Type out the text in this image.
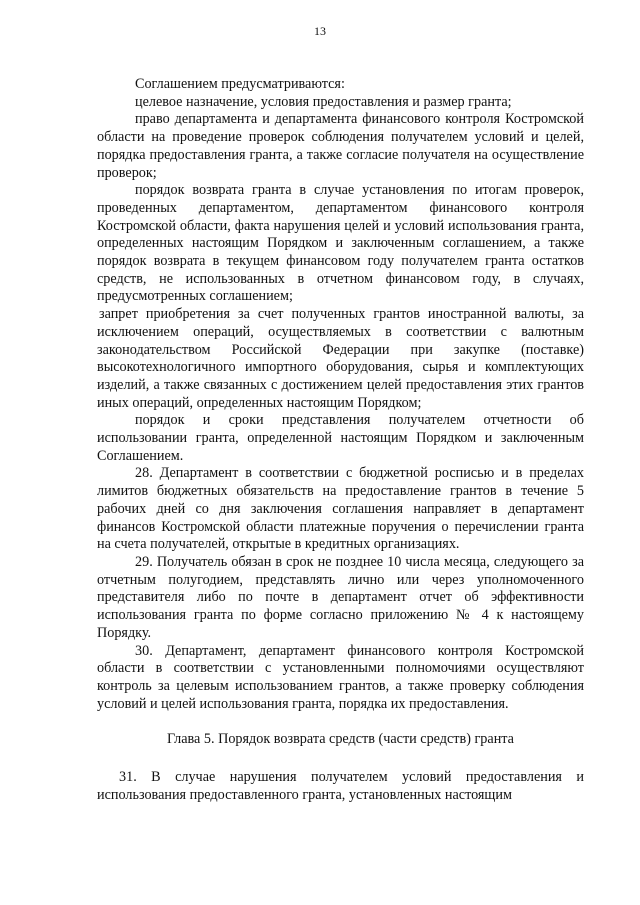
13

Соглашением предусматриваются:

целевое назначение, условия предоставления и размер гранта;

право департамента и департамента финансового контроля Костромской области на проведение проверок соблюдения получателем условий и целей, порядка предоставления гранта, а также согласие получателя на осуществление проверок;

порядок возврата гранта в случае установления по итогам проверок, проведенных департаментом, департаментом финансового контроля Костромской области, факта нарушения целей и условий использования гранта, определенных настоящим Порядком и заключенным соглашением, а также порядок возврата в текущем финансовом году получателем гранта остатков средств, не использованных в отчетном финансовом году, в случаях, предусмотренных соглашением;

запрет приобретения за счет полученных грантов иностранной валюты, за исключением операций, осуществляемых в соответствии с валютным законодательством Российской Федерации при закупке (поставке) высокотехнологичного импортного оборудования, сырья и комплектующих изделий, а также связанных с достижением целей предоставления этих грантов иных операций, определенных настоящим Порядком;

порядок и сроки представления получателем отчетности об использовании гранта, определенной настоящим Порядком и заключенным Соглашением.

28. Департамент в соответствии с бюджетной росписью и в пределах лимитов бюджетных обязательств на предоставление грантов в течение 5 рабочих дней со дня заключения соглашения направляет в департамент финансов Костромской области платежные поручения о перечислении гранта на счета получателей, открытые в кредитных организациях.

29. Получатель обязан в срок не позднее 10 числа месяца, следующего за отчетным полугодием, представлять лично или через уполномоченного представителя либо по почте в департамент отчет об эффективности использования гранта по форме согласно приложению № 4 к настоящему Порядку.

30. Департамент, департамент финансового контроля Костромской области в соответствии с установленными полномочиями осуществляют контроль за целевым использованием грантов, а также проверку соблюдения условий и целей использования гранта, порядка их предоставления.

Глава 5. Порядок возврата средств (части средств) гранта

31. В случае нарушения получателем условий предоставления и использования предоставленного гранта, установленных настоящим
